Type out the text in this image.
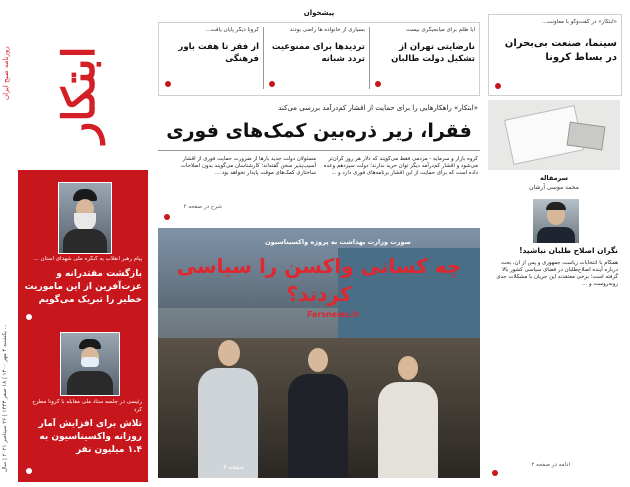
ابتکار
روزنامه صبح ایران
یکشنبه ۴ مهر ۱۴۰۰ | ۱۸ صفر ۱۴۴۳ | ۲۶ سپتامبر ۲۰۲۱ | سال ...
پیام رهبر انقلاب به کنگره ملی شهدای استان ...
بازگشت مقتدرانه و عزت‌آفرین از این ماموریت خطیر را تبریک می‌گویم
رئیسی در جلسه ستاد ملی مقابله با کرونا مطرح کرد
تلاش برای افزایش آمار روزانه واکسیناسیون به ۱.۴ میلیون نفر
پیشخوان
آیا ظلم برای میانجیگری بیست
نارضایتی تهران از تشکیل دولت طالبان
بسیاری از خانواده ها راضی بودند
تردیدها برای ممنوعیت تردد شبانه
کرونا دیگر پایان یافت...
از فقر تا هفت باور فرهنگی
«ابتکار» در گفت‌وگو با معاونت...
سینما، صنعت بی‌بحران در بساط کرونا
«ابتکار» راهکارهایی را برای حمایت از اقشار کم‌درآمد بررسی می‌کند
فقرا، زیر ذره‌بین کمک‌های فوری
گروه بازار و سرمایه - مردمی فقط می‌گویند که دلار هر روز گران‌تر می‌شود و اقشار کم‌درآمد دیگر توان خرید ندارند؛ دولت سیزدهم وعده داده است که برای حمایت از این اقشار برنامه‌های فوری دارد و ...
مسئولان دولت جدید بارها از ضرورت حمایت فوری از اقشار آسیب‌پذیر سخن گفته‌اند؛ کارشناسان می‌گویند بدون اصلاحات ساختاری کمک‌های موقت پایدار نخواهد بود ...
شرح در صفحه ۲
سرمقاله
محمد موسی آرشان
نگران اصلاح طلبان نباشید!
همگام با انتخابات ریاست جمهوری و پس از آن، بحث درباره آینده اصلاح‌طلبان در فضای سیاسی کشور بالا گرفته است؛ برخی معتقدند این جریان با مشکلات جدی روبه‌روست و ...
ادامه در صفحه ۲
صورت وزارت بهداشت به پروژه واکسیناسیون
چه کسانی واکسن را سیاسی کردند؟
Farsnews.ir
صفحه ۲
